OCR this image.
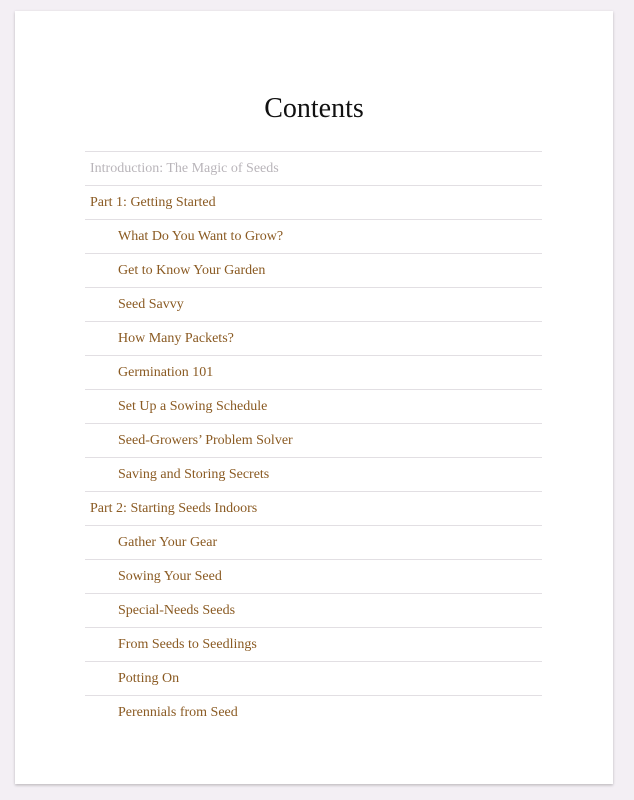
Contents
Introduction: The Magic of Seeds
Part 1: Getting Started
What Do You Want to Grow?
Get to Know Your Garden
Seed Savvy
How Many Packets?
Germination 101
Set Up a Sowing Schedule
Seed-Growers’ Problem Solver
Saving and Storing Secrets
Part 2: Starting Seeds Indoors
Gather Your Gear
Sowing Your Seed
Special-Needs Seeds
From Seeds to Seedlings
Potting On
Perennials from Seed
